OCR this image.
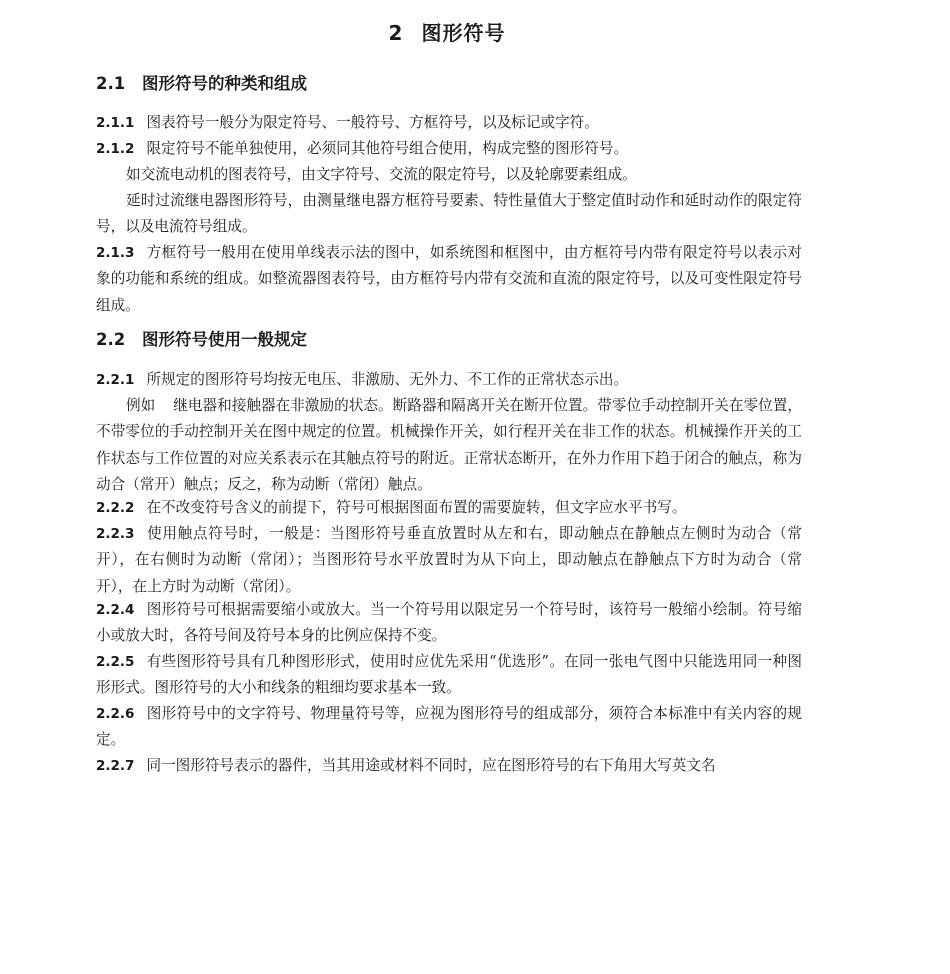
2 图形符号
2.1 图形符号的种类和组成
2.1.1 图表符号一般分为限定符号、一般符号、方框符号，以及标记或字符。
2.1.2 限定符号不能单独使用，必须同其他符号组合使用，构成完整的图形符号。
如交流电动机的图表符号，由文字符号、交流的限定符号，以及轮廓要素组成。
延时过流继电器图形符号，由测量继电器方框符号要素、特性量值大于整定值时动作和延时动作的限定符号，以及电流符号组成。
2.1.3 方框符号一般用在使用单线表示法的图中，如系统图和框图中，由方框符号内带有限定符号以表示对象的功能和系统的组成。如整流器图表符号，由方框符号内带有交流和直流的限定符号，以及可变性限定符号组成。
2.2 图形符号使用一般规定
2.2.1 所规定的图形符号均按无电压、非激励、无外力、不工作的正常状态示出。
例如 继电器和接触器在非激励的状态。断路器和隔离开关在断开位置。带零位手动控制开关在零位置，不带零位的手动控制开关在图中规定的位置。机械操作开关，如行程开关在非工作的状态。机械操作开关的工作状态与工作位置的对应关系表示在其触点符号的附近。正常状态断开，在外力作用下趋于闭合的触点，称为动合（常开）触点；反之，称为动断（常闭）触点。
2.2.2 在不改变符号含义的前提下，符号可根据图面布置的需要旋转，但文字应水平书写。
2.2.3 使用触点符号时，一般是：当图形符号垂直放置时从左和右，即动触点在静触点左侧时为动合（常开），在右侧时为动断（常闭）；当图形符号水平放置时为从下向上，即动触点在静触点下方时为动合（常开），在上方时为动断（常闭）。
2.2.4 图形符号可根据需要缩小或放大。当一个符号用以限定另一个符号时，该符号一般缩小绘制。符号缩小或放大时，各符号间及符号本身的比例应保持不变。
2.2.5 有些图形符号具有几种图形形式，使用时应优先采用“优选形”。在同一张电气图中只能选用同一种图形形式。图形符号的大小和线条的粗细均要求基本一致。
2.2.6 图形符号中的文字符号、物理量符号等，应视为图形符号的组成部分，须符合本标准中有关内容的规定。
2.2.7 同一图形符号表示的器件，当其用途或材料不同时，应在图形符号的右下角用大写英文名
